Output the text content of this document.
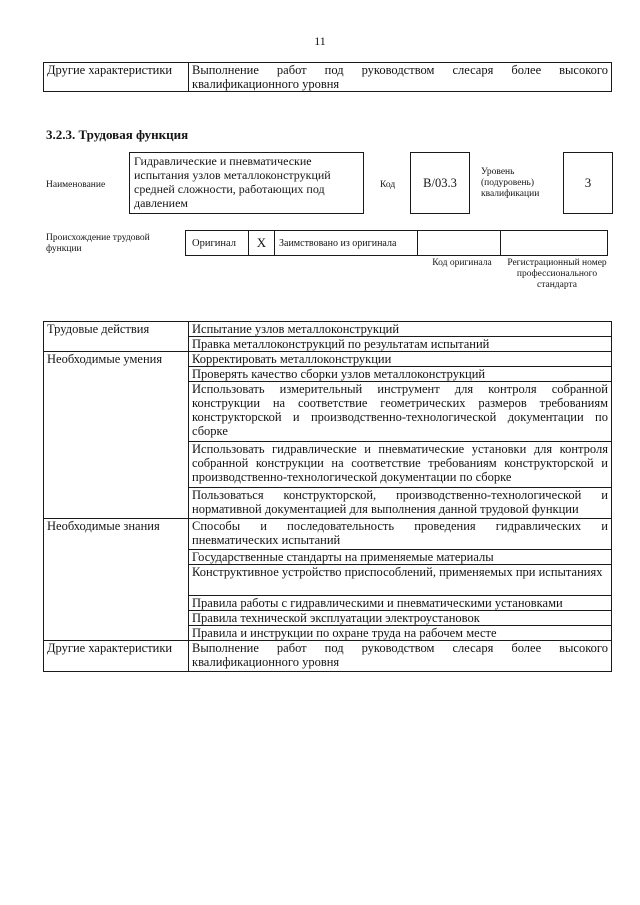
11
Другие характеристики	Выполнение работ под руководством слесаря более высокого квалификационного уровня
3.2.3. Трудовая функция
Наименование
Гидравлические и пневматические испытания узлов металлоконструкций средней сложности, работающих под давлением
Код	B/03.3
Уровень (подуровень) квалификации
3
Происхождение трудовой функции
Оригинал	X	Заимствовано из оригинала
Код оригинала	Регистрационный номер профессионального стандарта
Трудовые действия	Испытание узлов металлоконструкций
	Правка металлоконструкций по результатам испытаний
Необходимые умения	Корректировать металлоконструкции
	Проверять качество сборки узлов металлоконструкций
	Использовать измерительный инструмент для контроля собранной конструкции на соответствие геометрических размеров требованиям конструкторской и производственно-технологической документации по сборке
	Использовать гидравлические и пневматические установки для контроля собранной конструкции на соответствие требованиям конструкторской и производственно-технологической документации по сборке
	Пользоваться конструкторской, производственно-технологической и нормативной документацией для выполнения данной трудовой функции
Необходимые знания	Способы и последовательность проведения гидравлических и пневматических испытаний
	Государственные стандарты на применяемые материалы
	Конструктивное устройство приспособлений, применяемых при испытаниях
	Правила работы с гидравлическими и пневматическими установками
	Правила технической эксплуатации электроустановок
	Правила и инструкции по охране труда на рабочем месте
Другие характеристики	Выполнение работ под руководством слесаря более высокого квалификационного уровня
